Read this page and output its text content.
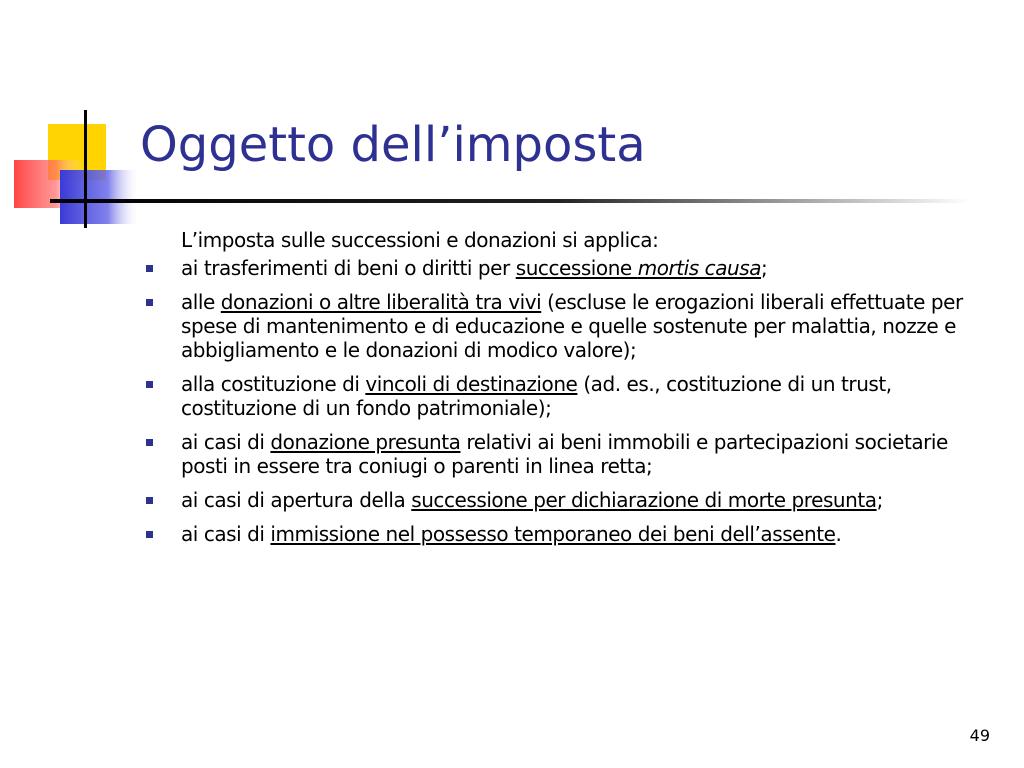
Oggetto dell’imposta
L’imposta sulle successioni e donazioni si applica:
ai trasferimenti di beni o diritti per successione mortis causa;
alle donazioni o altre liberalità tra vivi (escluse le erogazioni liberali effettuate per spese di mantenimento e di educazione e quelle sostenute per malattia, nozze e abbigliamento e le donazioni di modico valore);
alla costituzione di vincoli di destinazione (ad. es., costituzione di un trust, costituzione di un fondo patrimoniale);
ai casi di donazione presunta relativi ai beni immobili e partecipazioni societarie posti in essere tra coniugi o parenti in linea retta;
ai casi di apertura della successione per dichiarazione di morte presunta;
ai casi di immissione nel possesso temporaneo dei beni dell’assente.
49
